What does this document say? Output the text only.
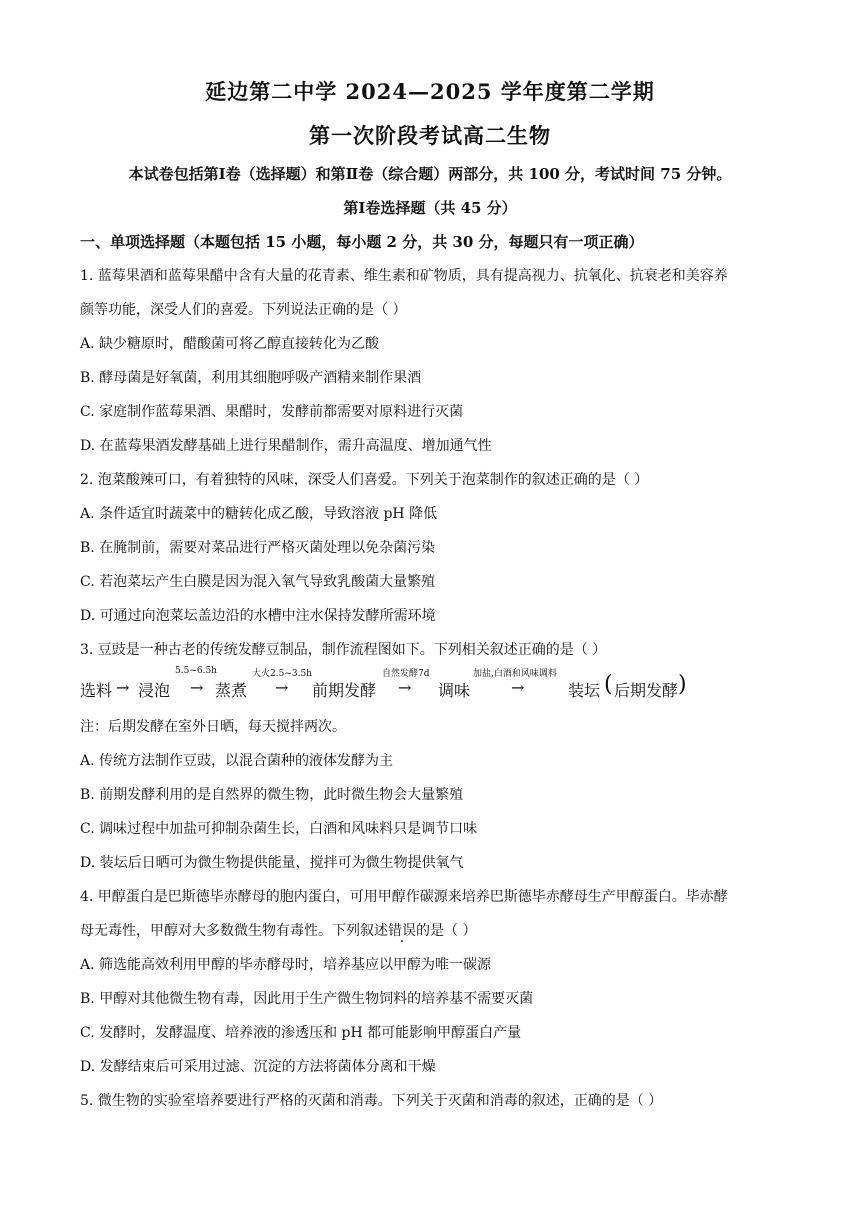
延边第二中学 2024—2025 学年度第二学期
第一次阶段考试高二生物
本试卷包括第Ⅰ卷（选择题）和第Ⅱ卷（综合题）两部分，共 100 分，考试时间 75 分钟。
第Ⅰ卷选择题（共 45 分）
一、单项选择题（本题包括 15 小题，每小题 2 分，共 30 分，每题只有一项正确）
1. 蓝莓果酒和蓝莓果醋中含有大量的花青素、维生素和矿物质，具有提高视力、抗氧化、抗衰老和美容养
颜等功能，深受人们的喜爱。下列说法正确的是（ ）
A. 缺少糖原时，醋酸菌可将乙醇直接转化为乙酸
B. 酵母菌是好氧菌，利用其细胞呼吸产酒精来制作果酒
C. 家庭制作蓝莓果酒、果醋时，发酵前都需要对原料进行灭菌
D. 在蓝莓果酒发酵基础上进行果醋制作，需升高温度、增加通气性
2. 泡菜酸辣可口，有着独特的风味，深受人们喜爱。下列关于泡菜制作的叙述正确的是（ ）
A. 条件适宜时蔬菜中的糖转化成乙酸，导致溶液 pH 降低
B. 在腌制前，需要对菜品进行严格灭菌处理以免杂菌污染
C. 若泡菜坛产生白膜是因为混入氧气导致乳酸菌大量繁殖
D. 可通过向泡菜坛盖边沿的水槽中注水保持发酵所需环境
3. 豆豉是一种古老的传统发酵豆制品，制作流程图如下。下列相关叙述正确的是（ ）
选料 → 浸泡
5.5~6.5h
→ 蒸煮
大火2.5~3.5h
→ 前期发酵
自然发酵7d
→ 调味
加盐,白酒和风味调料
→	装坛 ( 后期发酵 )
注：后期发酵在室外日晒，每天搅拌两次。
A. 传统方法制作豆豉，以混合菌种的液体发酵为主
B. 前期发酵利用的是自然界的微生物，此时微生物会大量繁殖
C. 调味过程中加盐可抑制杂菌生长，白酒和风味料只是调节口味
D. 装坛后日晒可为微生物提供能量，搅拌可为微生物提供氧气
4. 甲醇蛋白是巴斯德毕赤酵母的胞内蛋白，可用甲醇作碳源来培养巴斯德毕赤酵母生产甲醇蛋白。毕赤酵
母无毒性，甲醇对大多数微生物有毒性。下列叙述错误的是（ ）
A. 筛选能高效利用甲醇的毕赤酵母时，培养基应以甲醇为唯一碳源
B. 甲醇对其他微生物有毒，因此用于生产微生物饲料的培养基不需要灭菌
C. 发酵时，发酵温度、培养液的渗透压和 pH 都可能影响甲醇蛋白产量
D. 发酵结束后可采用过滤、沉淀的方法将菌体分离和干燥
5. 微生物的实验室培养要进行严格的灭菌和消毒。下列关于灭菌和消毒的叙述，正确的是（ ）
